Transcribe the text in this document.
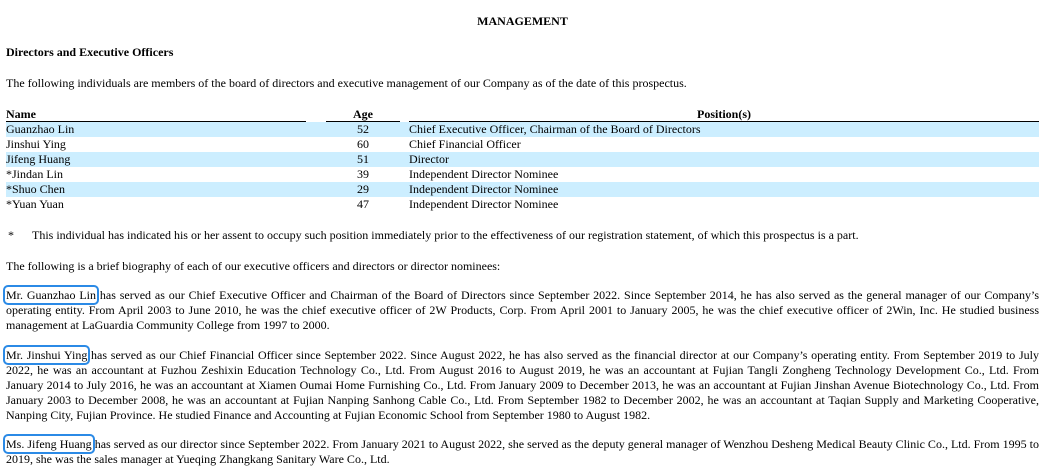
MANAGEMENT
Directors and Executive Officers
The following individuals are members of the board of directors and executive management of our Company as of the date of this prospectus.
Name		Age		Position(s)

Guanzhao Lin		52		Chief Executive Officer, Chairman of the Board of Directors
Jinshui Ying		60		Chief Financial Officer
Jifeng Huang		51		Director
*Jindan Lin		39		Independent Director Nominee
*Shuo Chen		29		Independent Director Nominee
*Yuan Yuan		47		Independent Director Nominee
* This individual has indicated his or her assent to occupy such position immediately prior to the effectiveness of our registration statement, of which this prospectus is a part.
The following is a brief biography of each of our executive officers and directors or director nominees:
Mr. Guanzhao Lin has served as our Chief Executive Officer and Chairman of the Board of Directors since September 2022. Since September 2014, he has also served as the general manager of our Company’s operating entity. From April 2003 to June 2010, he was the chief executive officer of 2W Products, Corp. From April 2001 to January 2005, he was the chief executive officer of 2Win, Inc. He studied business management at LaGuardia Community College from 1997 to 2000.
Mr. Jinshui Ying has served as our Chief Financial Officer since September 2022. Since August 2022, he has also served as the financial director at our Company’s operating entity. From September 2019 to July 2022, he was an accountant at Fuzhou Zeshixin Education Technology Co., Ltd. From August 2016 to August 2019, he was an accountant at Fujian Tangli Zongheng Technology Development Co., Ltd. From January 2014 to July 2016, he was an accountant at Xiamen Oumai Home Furnishing Co., Ltd. From January 2009 to December 2013, he was an accountant at Fujian Jinshan Avenue Biotechnology Co., Ltd. From January 2003 to December 2008, he was an accountant at Fujian Nanping Sanhong Cable Co., Ltd. From September 1982 to December 2002, he was an accountant at Taqian Supply and Marketing Cooperative, Nanping City, Fujian Province. He studied Finance and Accounting at Fujian Economic School from September 1980 to August 1982.
Ms. Jifeng Huang has served as our director since September 2022. From January 2021 to August 2022, she served as the deputy general manager of Wenzhou Desheng Medical Beauty Clinic Co., Ltd. From 1995 to 2019, she was the sales manager at Yueqing Zhangkang Sanitary Ware Co., Ltd.
